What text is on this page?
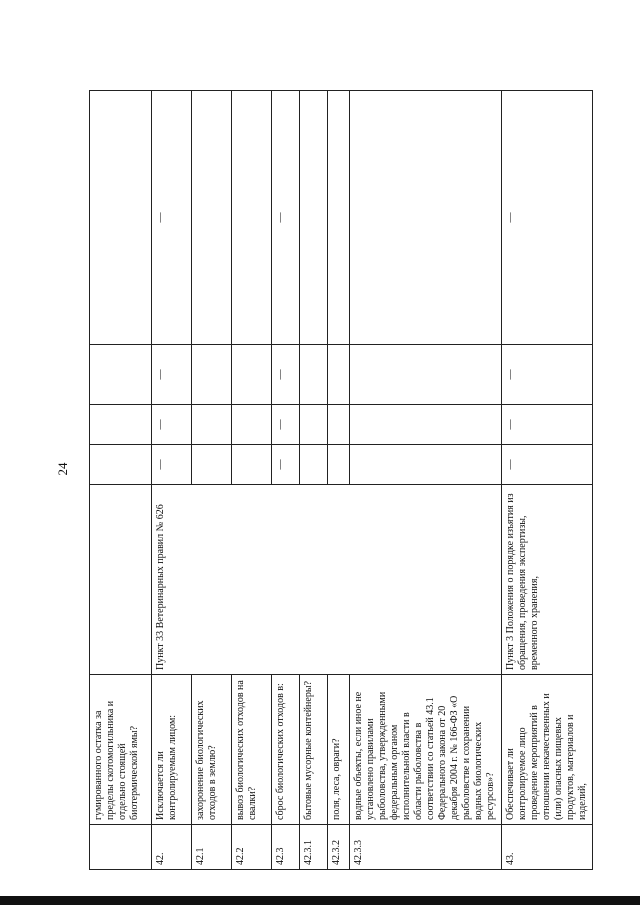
24
	гумированного остатка за пределы скотомогильника и отдельно стоящей биотермической ямы?					
42.	Исключается ли контролируемым лицом:	Пункт 33 Ветеринарных правил № 626	—	—	—	—
42.1	захоронение биологических отходов в землю?					
42.2	вывоз биологических отходов на свалки?					
42.3	сброс биологических отходов в:		—	—	—	—
42.3.1	бытовые мусорные контейнеры?					
42.3.2	поля, леса, овраги?					
42.3.3	водные объекты, если иное не установлено правилами рыболовства, утвержденными федеральным органом исполнительной власти в области рыболовства в соответствии со статьей 43.1 Федерального закона от 20 декабря 2004 г. № 166-ФЗ «О рыболовстве и сохранении водных биологических ресурсов»?					
43.	Обеспечивает ли контролируемое лицо проведение мероприятий в отношении некачественных и (или) опасных пищевых продуктов, материалов и изделий,	Пункт 3 Положения о порядке изъятия из обращения, проведения экспертизы, временного хранения,	—	—	—	—
